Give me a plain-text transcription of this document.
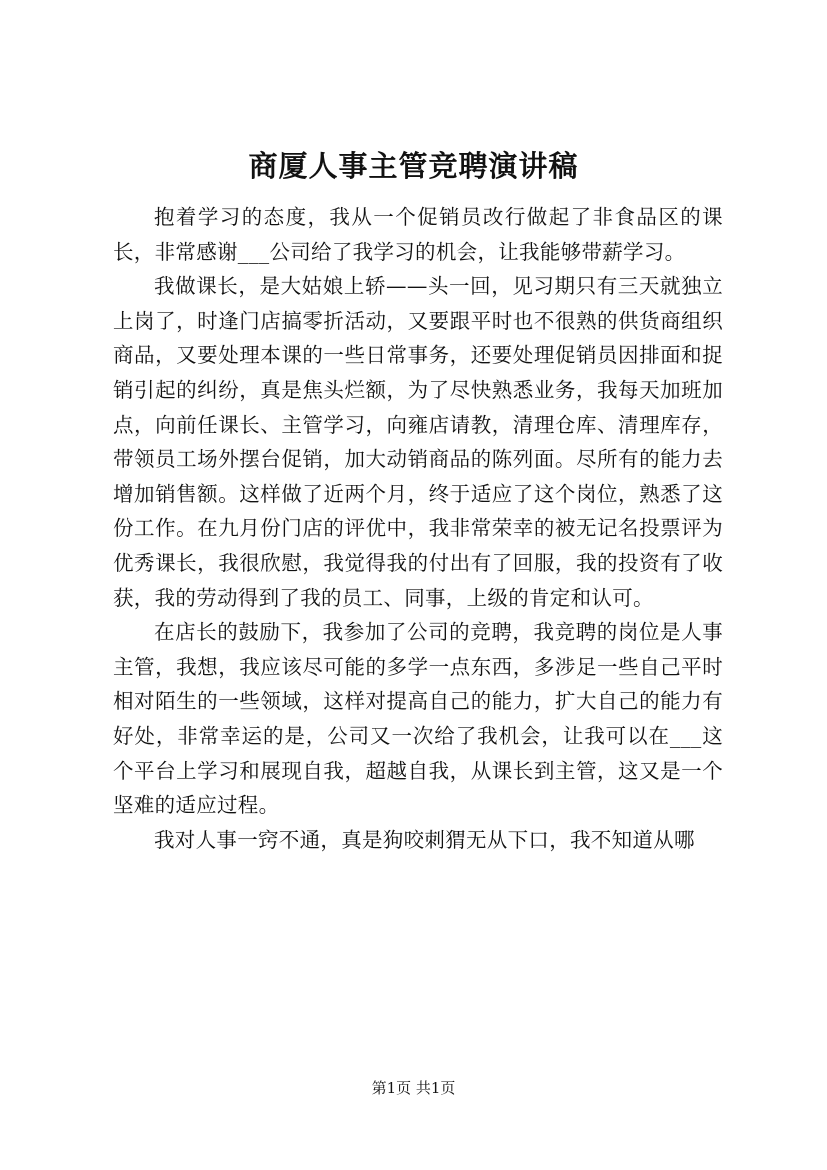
商厦人事主管竞聘演讲稿

抱着学习的态度，我从一个促销员改行做起了非食品区的课长，非常感谢___公司给了我学习的机会，让我能够带薪学习。

我做课长，是大姑娘上轿——头一回，见习期只有三天就独立上岗了，时逢门店搞零折活动，又要跟平时也不很熟的供货商组织商品，又要处理本课的一些日常事务，还要处理促销员因排面和捉销引起的纠纷，真是焦头烂额，为了尽快熟悉业务，我每天加班加点，向前任课长、主管学习，向雍店请教，清理仓库、清理库存，带领员工场外摆台促销，加大动销商品的陈列面。尽所有的能力去增加销售额。这样做了近两个月，终于适应了这个岗位，熟悉了这份工作。在九月份门店的评优中，我非常荣幸的被无记名投票评为优秀课长，我很欣慰，我觉得我的付出有了回服，我的投资有了收获，我的劳动得到了我的员工、同事，上级的肯定和认可。

在店长的鼓励下，我参加了公司的竞聘，我竞聘的岗位是人事主管，我想，我应该尽可能的多学一点东西，多涉足一些自己平时相对陌生的一些领域，这样对提高自己的能力，扩大自己的能力有好处，非常幸运的是，公司又一次给了我机会，让我可以在___这个平台上学习和展现自我，超越自我，从课长到主管，这又是一个坚难的适应过程。

我对人事一窍不通，真是狗咬刺猬无从下口，我不知道从哪

第1页 共1页
